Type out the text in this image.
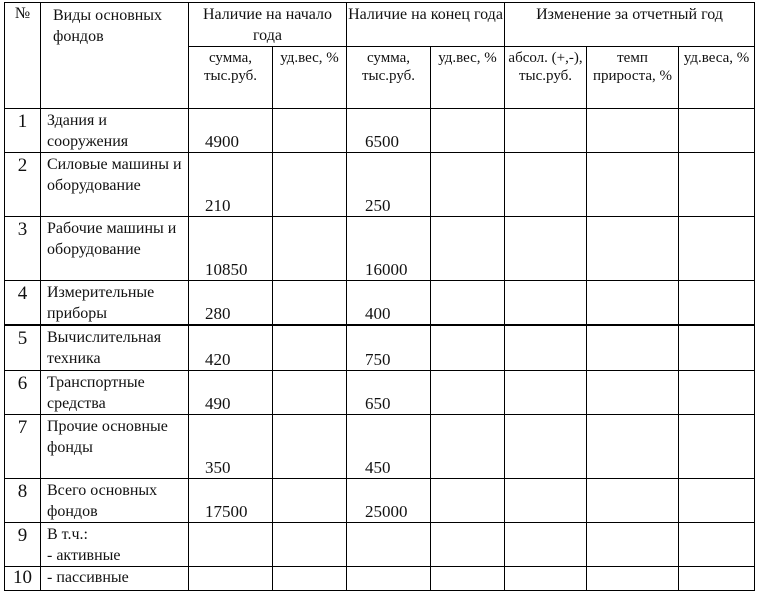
№	Виды основных фондов	Наличие на начало года		Наличие на конец года		Изменение за отчетный год		
		сумма, тыс.руб.	уд.вес, %	сумма, тыс.руб.	уд.вес, %	абсол. (+,-), тыс.руб.	темп прироста, %	уд.веса, %
1	Здания и сооружения	4900		6500				
2	Силовые машины и оборудование	210		250				
3	Рабочие машины и оборудование	10850		16000				
4	Измерительные приборы	280		400				
5	Вычислительная техника	420		750				
6	Транспортные средства	490		650				
7	Прочие основные фонды	350		450				
8	Всего основных фондов	17500		25000				
9	В т.ч.:
- активные							

10	- пассивные							
